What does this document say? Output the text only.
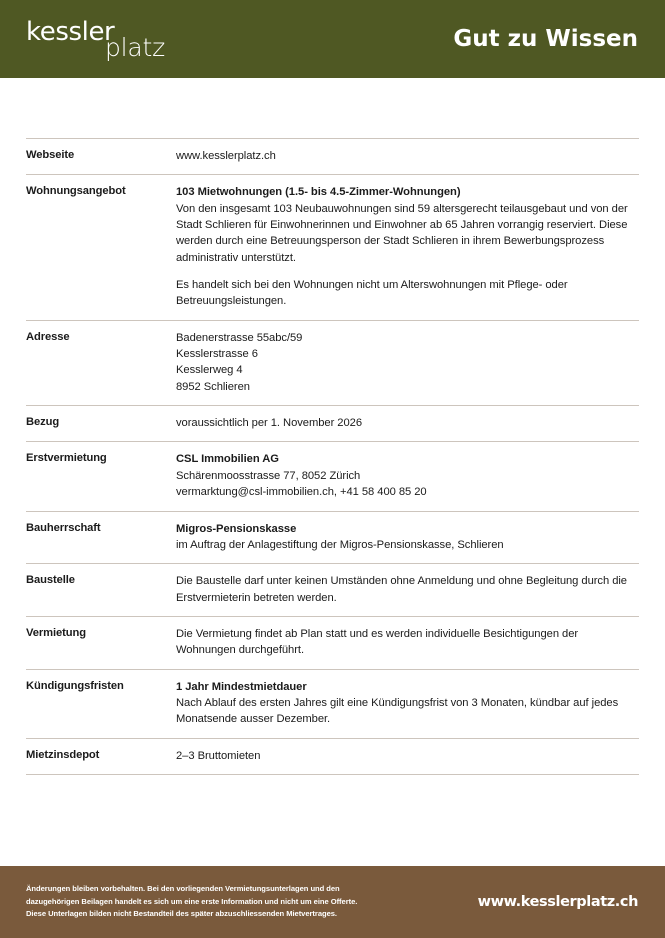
kessler
platz	Gut zu Wissen
Webseite	www.kesslerplatz.ch
Wohnungsangebot	103 Mietwohnungen (1.5- bis 4.5-Zimmer-Wohnungen)
Von den insgesamt 103 Neubauwohnungen sind 59 altersgerecht teilausgebaut und von der Stadt Schlieren für Einwohnerinnen und Einwohner ab 65 Jahren vorrangig reserviert. Diese werden durch eine Betreuungsperson der Stadt Schlieren in ihrem Bewerbungsprozess administrativ unterstützt.
Es handelt sich bei den Wohnungen nicht um Alterswohnungen mit Pflege- oder Betreuungsleistungen.
Adresse	Badenerstrasse 55abc/59
Kesslerstrasse 6
Kesslerweg 4
8952 Schlieren
Bezug	voraussichtlich per 1. November 2026
Erstvermietung	CSL Immobilien AG
Schärenmoosstrasse 77, 8052 Zürich
vermarktung@csl-immobilien.ch, +41 58 400 85 20
Bauherrschaft	Migros-Pensionskasse
im Auftrag der Anlagestiftung der Migros-Pensionskasse, Schlieren
Baustelle	Die Baustelle darf unter keinen Umständen ohne Anmeldung und ohne Begleitung durch die Erstvermieterin betreten werden.
Vermietung	Die Vermietung findet ab Plan statt und es werden individuelle Besichtigungen der Wohnungen durchgeführt.
Kündigungsfristen	1 Jahr Mindestmietdauer
Nach Ablauf des ersten Jahres gilt eine Kündigungsfrist von 3 Monaten, kündbar auf jedes Monatsende ausser Dezember.
Mietzinsdepot	2–3 Bruttomieten
Änderungen bleiben vorbehalten. Bei den vorliegenden Vermietungsunterlagen und den
dazugehörigen Beilagen handelt es sich um eine erste Information und nicht um eine Offerte.
Diese Unterlagen bilden nicht Bestandteil des später abzuschliessenden Mietvertrages.
www.kesslerplatz.ch
